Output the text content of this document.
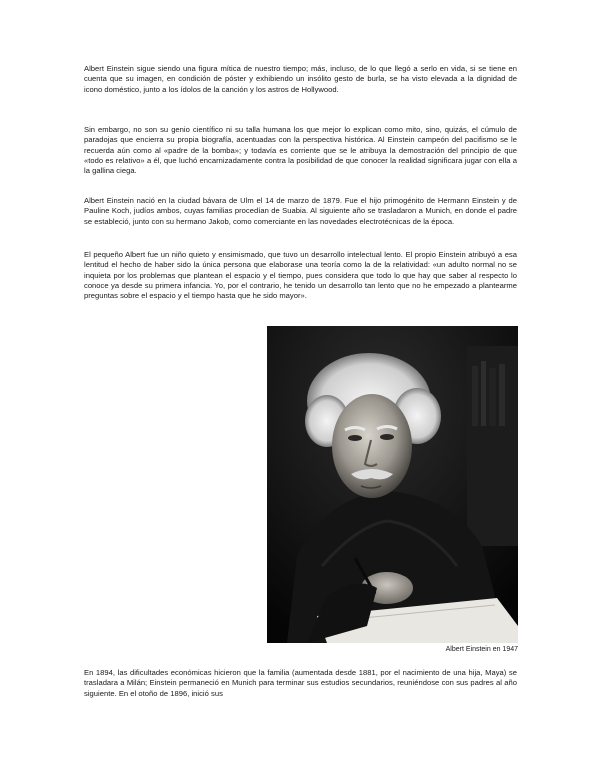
Albert Einstein sigue siendo una figura mítica de nuestro tiempo; más, incluso, de lo que llegó a serlo en vida, si se tiene en cuenta que su imagen, en condición de póster y exhibiendo un insólito gesto de burla, se ha visto elevada a la dignidad de icono doméstico, junto a los ídolos de la canción y los astros de Hollywood.

Sin embargo, no son su genio científico ni su talla humana los que mejor lo explican como mito, sino, quizás, el cúmulo de paradojas que encierra su propia biografía, acentuadas con la perspectiva histórica. Al Einstein campeón del pacifismo se le recuerda aún como al «padre de la bomba»; y todavía es corriente que se le atribuya la demostración del principio de que «todo es relativo» a él, que luchó encarnizadamente contra la posibilidad de que conocer la realidad significara jugar con ella a la gallina ciega.

Albert Einstein nació en la ciudad bávara de Ulm el 14 de marzo de 1879. Fue el hijo primogénito de Hermann Einstein y de Pauline Koch, judíos ambos, cuyas familias procedían de Suabia. Al siguiente año se trasladaron a Munich, en donde el padre se estableció, junto con su hermano Jakob, como comerciante en las novedades electrotécnicas de la época.

El pequeño Albert fue un niño quieto y ensimismado, que tuvo un desarrollo intelectual lento. El propio Einstein atribuyó a esa lentitud el hecho de haber sido la única persona que elaborase una teoría como la de la relatividad: «un adulto normal no se inquieta por los problemas que plantean el espacio y el tiempo, pues considera que todo lo que hay que saber al respecto lo conoce ya desde su primera infancia. Yo, por el contrario, he tenido un desarrollo tan lento que no he empezado a plantearme preguntas sobre el espacio y el tiempo hasta que he sido mayor».

Albert Einstein en 1947

En 1894, las dificultades económicas hicieron que la familia (aumentada desde 1881, por el nacimiento de una hija, Maya) se trasladara a Milán; Einstein permaneció en Munich para terminar sus estudios secundarios, reuniéndose con sus padres al año siguiente. En el otoño de 1896, inició sus
